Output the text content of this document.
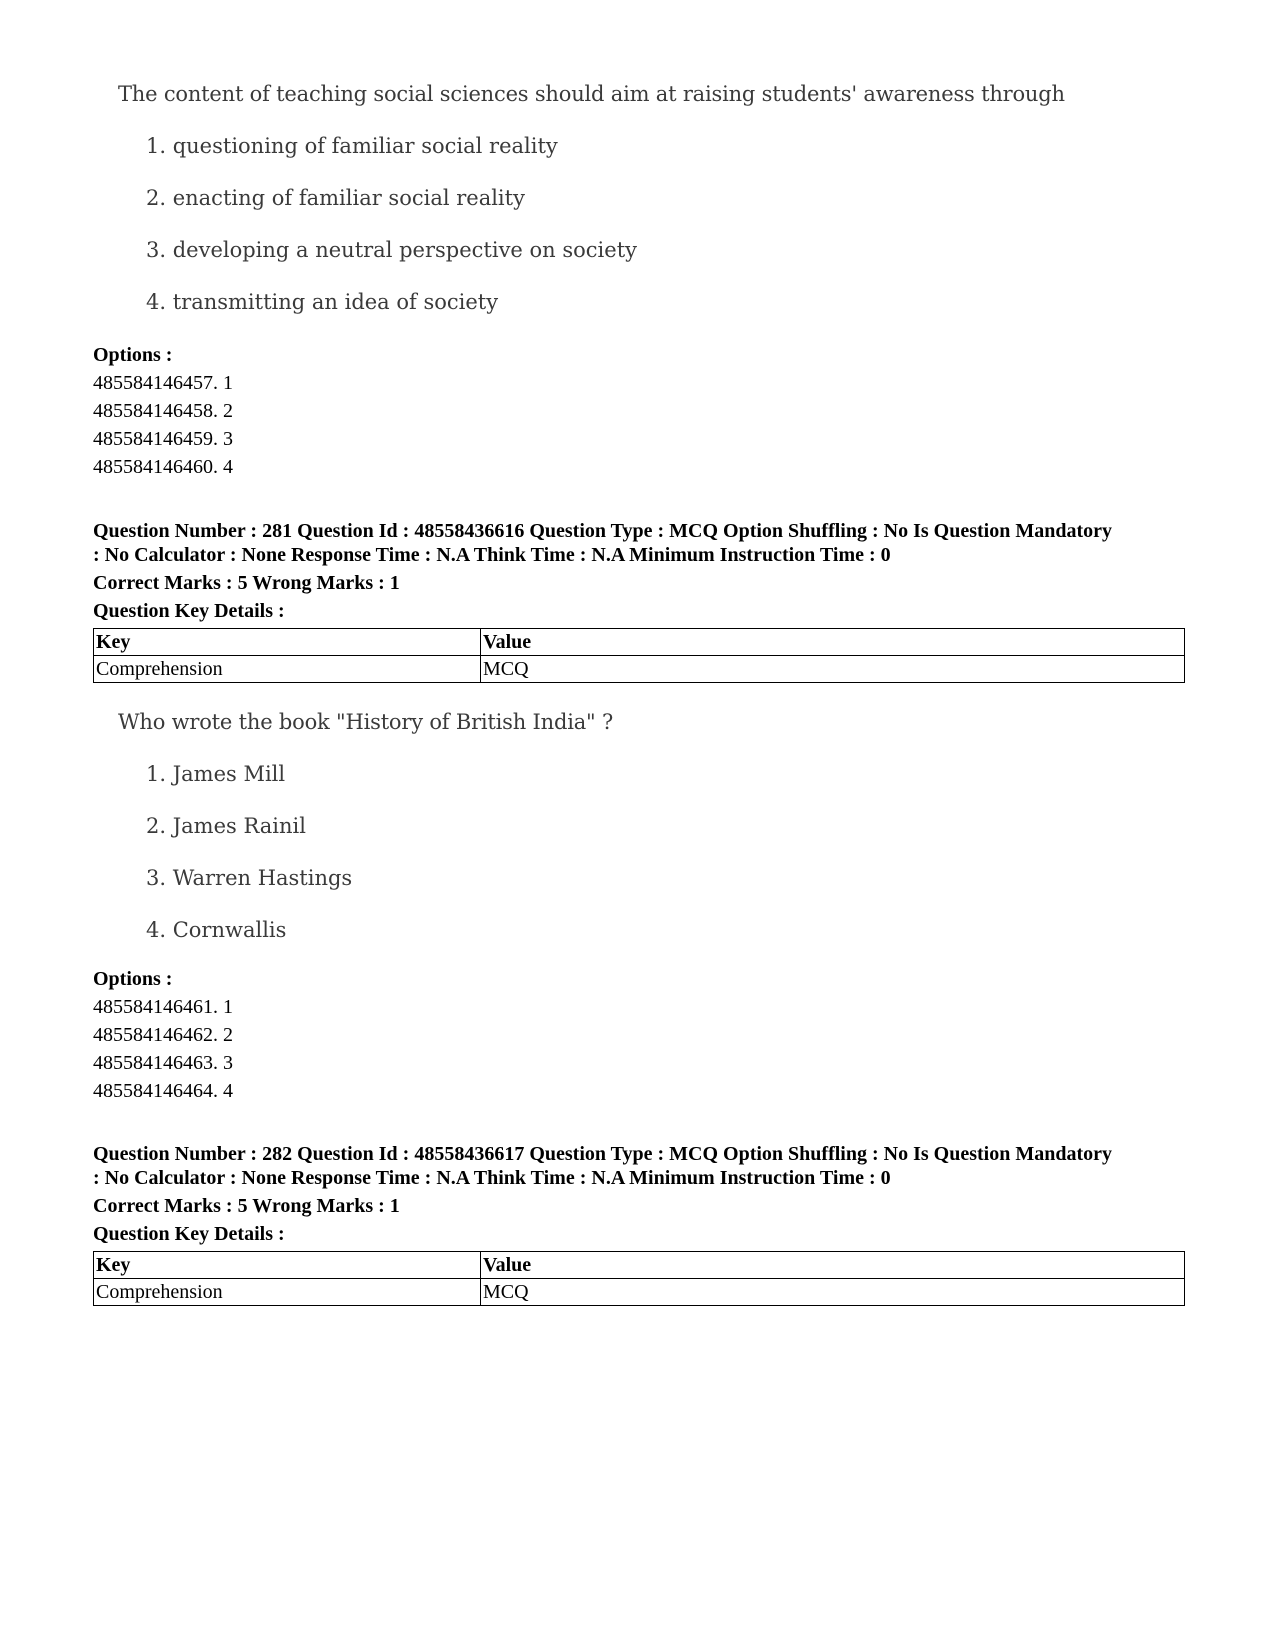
The content of teaching social sciences should aim at raising students' awareness through
1. questioning of familiar social reality
2. enacting of familiar social reality
3. developing a neutral perspective on society
4. transmitting an idea of society
Options :
485584146457. 1
485584146458. 2
485584146459. 3
485584146460. 4
Question Number : 281 Question Id : 48558436616 Question Type : MCQ Option Shuffling : No Is Question Mandatory
: No Calculator : None Response Time : N.A Think Time : N.A Minimum Instruction Time : 0
Correct Marks : 5 Wrong Marks : 1
Question Key Details :
Key	Value
Comprehension	MCQ
Who wrote the book "History of British India" ?
1. James Mill
2. James Rainil
3. Warren Hastings
4. Cornwallis
Options :
485584146461. 1
485584146462. 2
485584146463. 3
485584146464. 4
Question Number : 282 Question Id : 48558436617 Question Type : MCQ Option Shuffling : No Is Question Mandatory
: No Calculator : None Response Time : N.A Think Time : N.A Minimum Instruction Time : 0
Correct Marks : 5 Wrong Marks : 1
Question Key Details :
Key	Value
Comprehension	MCQ
